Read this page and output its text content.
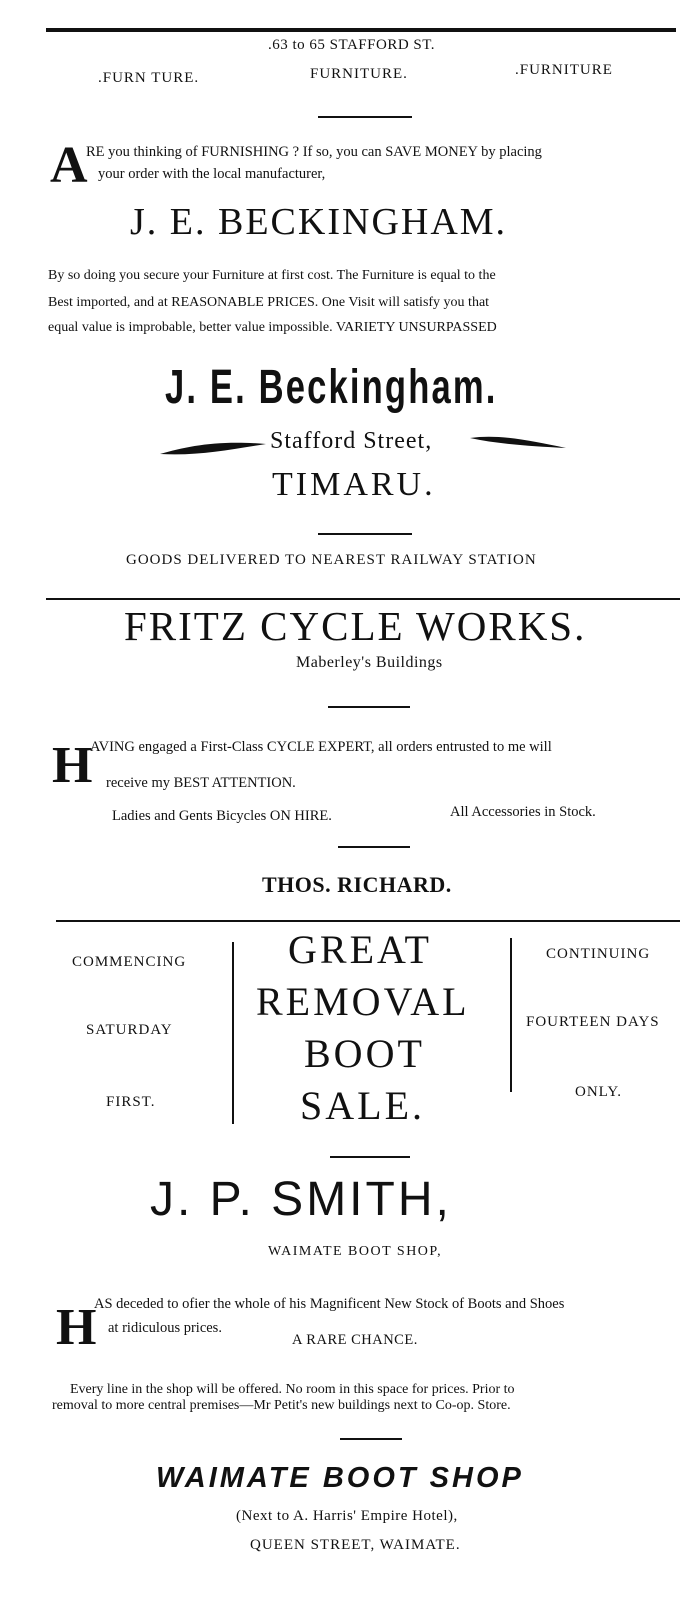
.63 to 65 STAFFORD ST.
.FURN TURE.	FURNITURE.	.FURNITURE
A
RE you thinking of FURNISHING ? If so, you can SAVE MONEY by placing
your order with the local manufacturer,
J. E. BECKINGHAM.
By so doing you secure your Furniture at first cost. The Furniture is equal to the
Best imported, and at REASONABLE PRICES. One Visit will satisfy you that
equal value is improbable, better value impossible. VARIETY UNSURPASSED
J. E. Beckingham.
Stafford Street,
TIMARU.
GOODS DELIVERED TO NEAREST RAILWAY STATION
FRITZ CYCLE WORKS.
Maberley's Buildings
H
AVING engaged a First-Class CYCLE EXPERT, all orders entrusted to me will
receive my BEST ATTENTION.
Ladies and Gents Bicycles ON HIRE.	All Accessories in Stock.
THOS. RICHARD.
COMMENCING
SATURDAY
FIRST.
GREAT
REMOVAL
BOOT
SALE.
CONTINUING
FOURTEEN DAYS
ONLY.
J. P. SMITH,
WAIMATE BOOT SHOP,
H
AS deceded to ofier the whole of his Magnificent New Stock of Boots and Shoes
at ridiculous prices.
A RARE CHANCE.
Every line in the shop will be offered. No room in this space for prices. Prior to
removal to more central premises—Mr Petit's new buildings next to Co-op. Store.
WAIMATE BOOT SHOP
(Next to A. Harris' Empire Hotel),
QUEEN STREET, WAIMATE.
